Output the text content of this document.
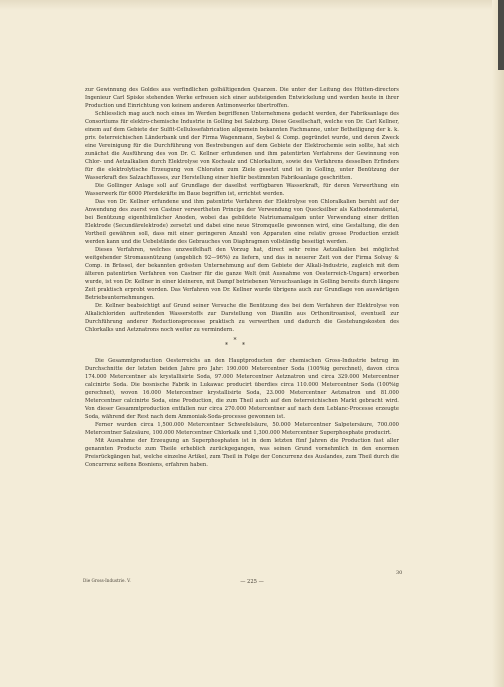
zur Gewinnung des Goldes aus verfindlichen golhältigenden Quarzen. Die unter der Leitung des Hütten-directors Ingenieur Carl Spiske stehenden Werke erfreuen sich einer aufsteigenden Entwickelung und werden heute in ihrer Production und Einrichtung von keinem anderen Antimonwerke übertroffen.

Schliesslich mag auch noch eines im Werden begriffenen Unternehmens gedacht werden, der Fabriksanlage des Consortiums für elektro-chemische Industrie in Golling bei Salzburg. Diese Gesellschaft, welche von Dr. Carl Kellner, einem auf dem Gebiete der Sulfit-Cellulosefabrication allgemein bekannten Fachmanne, unter Betheiligung der k. k. priv. österreichischen Länderbank und der Firma Wagenmann, Seybel & Comp. gegründet wurde, und deren Zweck eine Vereinigung für die Durchführung von Bestrebungen auf dem Gebiete der Elektrochemie sein sollte, hat sich zunächst die Ausführung des von Dr. C. Kellner erfundenen und ihm patentirten Verfahrens der Gewinnung von Chlor- und Aetzalkalien durch Elektrolyse von Kochsalz und Chlorkalium, sowie des Verfahrens desselben Erfinders für die elektrolytische Erzeugung von Chloraten zum Ziele gesetzt und ist in Golling, unter Benützung der Wasserkraft des Salzachflusses, zur Herstellung einer hiefür bestimmten Fabriksanlage geschritten.

Die Gollinger Anlage soll auf Grundlage der daselbst verfügbaren Wasserkraft, für deren Verwerthung ein Wasserwerk für 6000 Pferdekräfte im Baue begriffen ist, errichtet werden.

Das von Dr. Kellner erfundene und ihm patentirte Verfahren der Elektrolyse von Chloralkalien beruht auf der Anwendung des zuerst von Castner verwertheten Princips der Verwendung von Quecksilber als Kathodenmaterial, bei Benützung eigenthümlicher Anoden, wobei das gebildete Natriumamalgam unter Verwendung einer dritten Elektrode (Secundärelektrode) zersetzt und dabei eine neue Stromquelle gewonnen wird, eine Gestaltung, die den Vortheil gewähren soll, dass mit einer geringeren Anzahl von Apparaten eine relativ grosse Production erzielt werden kann und die Uebelstände des Gebrauches von Diaphragmen vollständig beseitigt werden.

Dieses Verfahren, welches unzweifelhaft den Vorzug hat, direct sehr reine Aetzalkalien bei möglichst weitgehender Stromausnützung (angeblich 92—96%) zu liefern, und das in neuerer Zeit von der Firma Solvay & Comp. in Brüssel, der bekannten grössten Unternehmung auf dem Gebiete der Alkali-Industrie, zugleich mit dem älteren patentirten Verfahren von Castner für die ganze Welt (mit Ausnahme von Oesterreich-Ungarn) erworben wurde, ist von Dr. Kellner in einer kleineren, mit Dampf betriebenen Versuchsanlage in Golling bereits durch längere Zeit praktisch erprobt worden. Das Verfahren von Dr. Kellner wurde übrigens auch zur Grundlage von auswärtigen Betriebsunternehmungen.

Dr. Kellner beabsichtigt auf Grund seiner Versuche die Benützung des bei dem Verfahren der Elektrolyse von Alkalichloriden auftretenden Wasserstoffs zur Darstellung von Dianilin aus Orthonitroanisol, eventuell zur Durchführung anderer Reductionsprocesse praktisch zu verwerthen und dadurch die Gestehungskosten des Chlorkalks und Aetznatrons noch weiter zu vermindern.

*
**

Die Gesammtproduction Oesterreichs an den Hauptproducten der chemischen Gross-Industrie betrug im Durchschnitte der letzten beiden Jahre pro Jahr: 190.000 Metercentner Soda (100%ig gerechnet), davon circa 174.000 Metercentner als krystallisirte Soda, 97.000 Metercentner Aetznatron und circa 329.000 Metercentner calcinirte Soda. Die bosnische Fabrik in Lukawac producirt überdies circa 110.000 Metercentner Soda (100%ig gerechnet), wovon 16.000 Metercentner krystallisirte Soda, 23.000 Metercentner Aetznatron und 81.000 Metercentner calcinirte Soda, eine Production, die zum Theil auch auf den österreichischen Markt gebracht wird. Von dieser Gesammtproduction entfallen nur circa 270.000 Metercentner auf nach dem Leblanc-Processe erzeugte Soda, während der Rest nach dem Ammoniak-Soda-processe gewonnen ist.

Ferner wurden circa 1,500.000 Metercentner Schwefelsäure, 50.000 Metercentner Salpetersäure, 700.000 Metercentner Salzsäure, 100.000 Metercentner Chlorkalk und 1,300.000 Metercentner Superphosphate producirt.

Mit Ausnahme der Erzeugung an Superphosphaten ist in dem letzten fünf Jahren die Production fast aller genannten Producte zum Theile erheblich zurückgegangen, was seinen Grund vornehmlich in den enormen Preisrückgängen hat, welche einzelne Artikel, zum Theil in Folge der Concurrenz des Auslandes, zum Theil durch die Concurrenz seitens Bosniens, erfahren haben.

Die Gross-Industrie. V.
30
— 225 —
